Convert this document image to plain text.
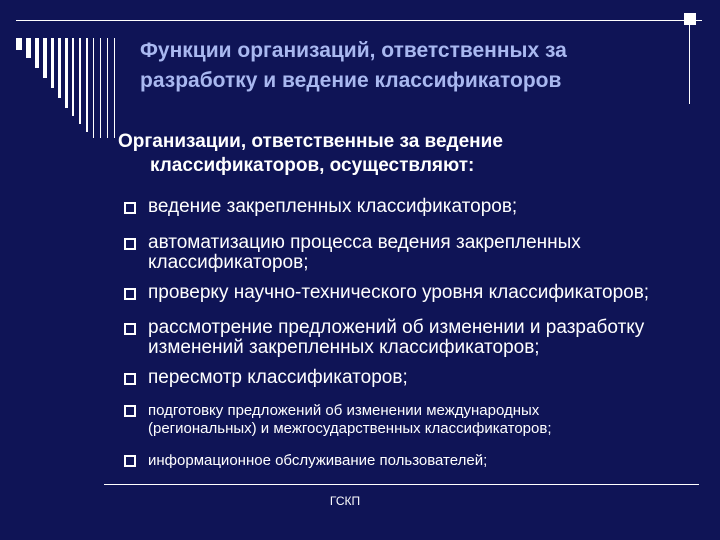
Функции организаций, ответственных за
разработку и ведение классификаторов
Организации, ответственные за ведение
классификаторов, осуществляют:
ведение закрепленных классификаторов;
автоматизацию процесса ведения закрепленных
классификаторов;
проверку научно-технического уровня классификаторов;
рассмотрение предложений об изменении и разработку
изменений закрепленных классификаторов;
пересмотр классификаторов;
подготовку предложений об изменении международных
(региональных) и межгосударственных классификаторов;
информационное обслуживание пользователей;
ГСКП
